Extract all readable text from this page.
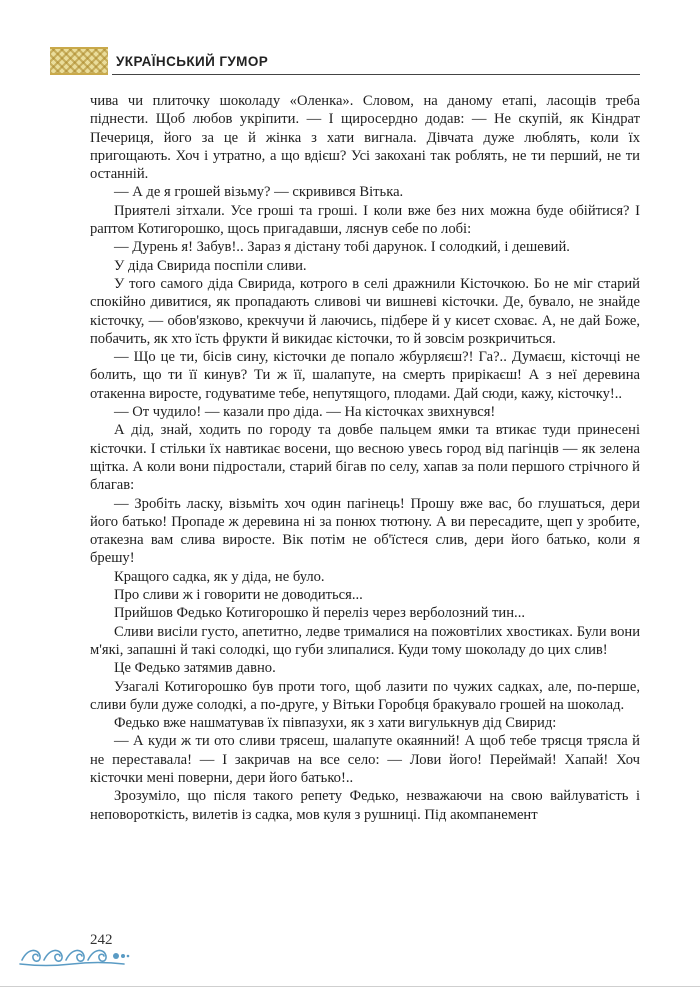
УКРАЇНСЬКИЙ ГУМОР

чива чи плиточку шоколаду «Оленка». Словом, на даному етапі, ласощів треба піднести. Щоб любов укріпити. — І щиросердно додав: — Не скупій, як Кіндрат Печериця, його за це й жінка з хати вигнала. Дівчата дуже люблять, коли їх пригощають. Хоч і утратно, а що вдієш? Усі закохані так роблять, не ти перший, не ти останній.

— А де я грошей візьму? — скривився Вітька.

Приятелі зітхали. Усе гроші та гроші. І коли вже без них можна буде обійтися? І раптом Котигорошко, щось пригадавши, ляснув себе по лобі:

— Дурень я! Забув!.. Зараз я дістану тобі дарунок. І солодкий, і дешевий.

У діда Свирида поспіли сливи.

У того самого діда Свирида, котрого в селі дражнили Кісточкою. Бо не міг старий спокійно дивитися, як пропадають сливові чи вишневі кісточки. Де, бувало, не знайде кісточку, — обов'язково, крекчучи й лаючись, підбере й у кисет сховає. А, не дай Боже, побачить, як хто їсть фрукти й викидає кісточки, то й зовсім розкричиться.

— Що це ти, бісів сину, кісточки де попало жбурляєш?! Га?.. Думаєш, кісточці не болить, що ти її кинув? Ти ж її, шалапуте, на смерть прирікаєш! А з неї деревина отакенна виросте, годуватиме тебе, непутящого, плодами. Дай сюди, кажу, кісточку!..

— От чудило! — казали про діда. — На кісточках звихнувся!

А дід, знай, ходить по городу та довбе пальцем ямки та втикає туди принесені кісточки. І стільки їх навтикає восени, що весною увесь город від пагінців — як зелена щітка. А коли вони підростали, старий бігав по селу, хапав за поли першого стрічного й благав:

— Зробіть ласку, візьміть хоч один пагінець! Прошу вже вас, бо глушаться, дери його батько! Пропаде ж деревина ні за понюх тютюну. А ви пересадите, щеп у зробите, отакезна вам слива виросте. Вік потім не об'їстеся слив, дери його батько, коли я брешу!

Кращого садка, як у діда, не було.

Про сливи ж і говорити не доводиться...

Прийшов Федько Котигорошко й переліз через верболозний тин...

Сливи висіли густо, апетитно, ледве трималися на пожовтілих хвостиках. Були вони м'які, запашні й такі солодкі, що губи злипалися. Куди тому шоколаду до цих слив!

Це Федько затямив давно.

Узагалі Котигорошко був проти того, щоб лазити по чужих садках, але, по-перше, сливи були дуже солодкі, а по-друге, у Вітьки Горобця бракувало грошей на шоколад.

Федько вже нашматував їх півпазухи, як з хати вигулькнув дід Свирид:

— А куди ж ти ото сливи трясеш, шалапуте окаянний! А щоб тебе трясця трясла й не переставала! — І закричав на все село: — Лови його! Переймай! Хапай! Хоч кісточки мені поверни, дери його батько!..

Зрозуміло, що після такого репету Федько, незважаючи на свою вайлуватість і неповороткість, вилетів із садка, мов куля з рушниці. Під акомпанемент

242
